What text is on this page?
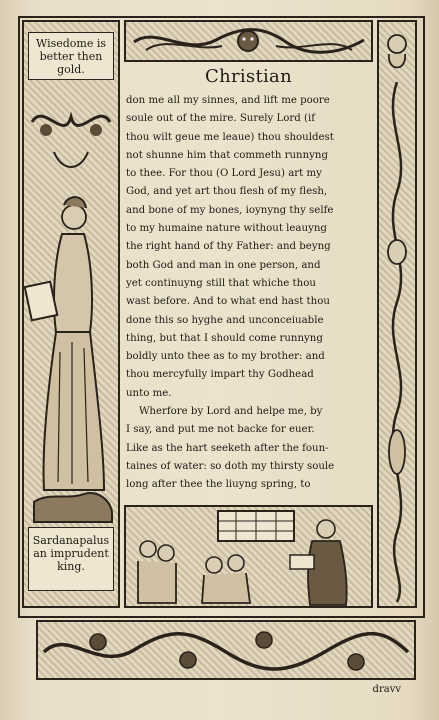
Wisedome is better then gold.
Sardanapalus an imprudent king.
Christian
don me all my sinnes, and lift me poore
soule out of the mire. Surely Lord (if
thou wilt geue me leaue) thou shouldest
not shunne him that commeth runnyng
to thee. For thou (O Lord Jesu) art my
God, and yet art thou flesh of my flesh,
and bone of my bones, ioynyng thy selfe
to my humaine nature without leauyng
the right hand of thy Father: and beyng
both God and man in one person, and
yet continuyng still that whiche thou
wast before. And to what end hast thou
done this so hyghe and unconceiuable
thing, but that I should come runnyng
boldly unto thee as to my brother: and
thou mercyfully impart thy Godhead
unto me.
Wherfore by Lord and helpe me, by
I say, and put me not backe for euer.
Like as the hart seeketh after the foun-
taines of water: so doth my thirsty soule
long after thee the liuyng spring, to
dravv
